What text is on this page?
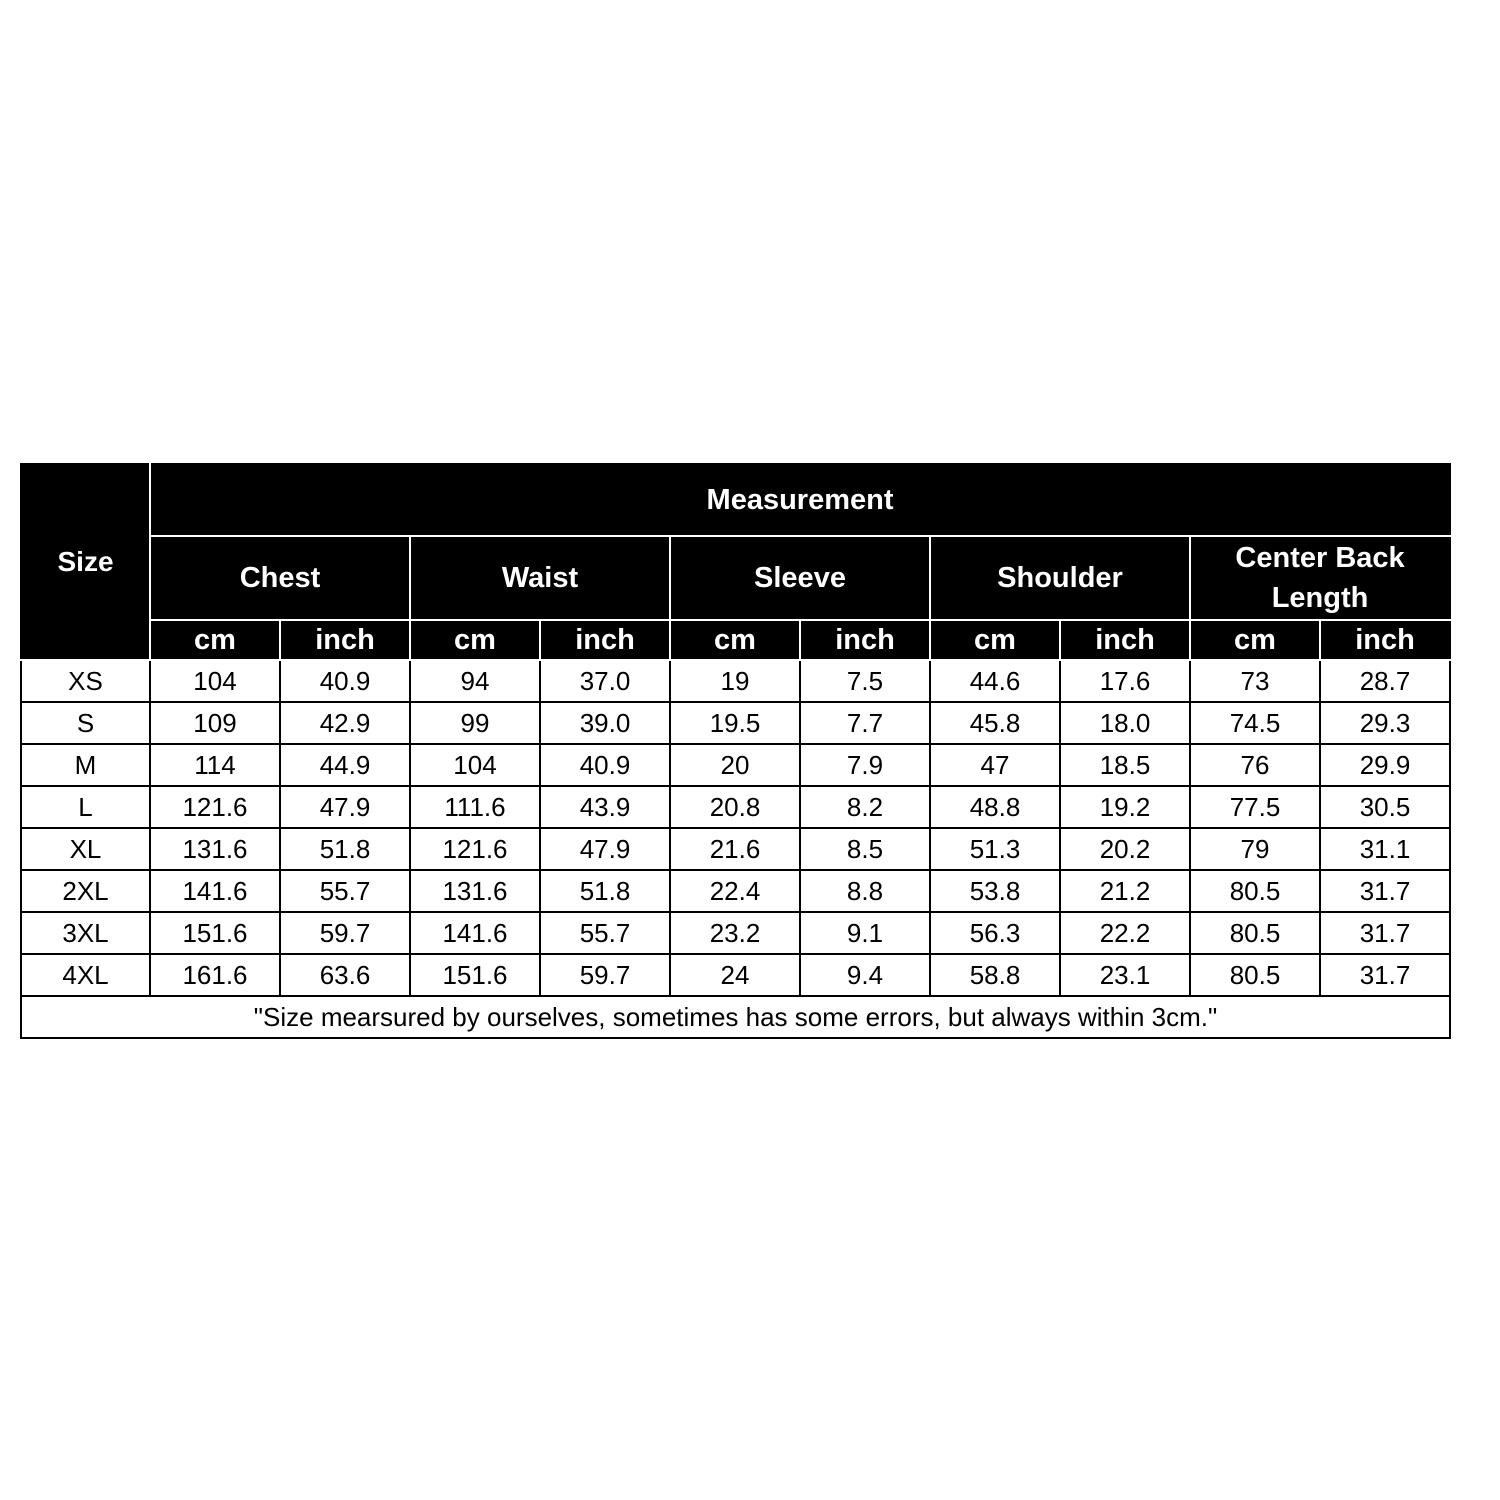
Size	Measurement									
	Chest		Waist		Sleeve		Shoulder		Center Back Length	
	cm	inch	cm	inch	cm	inch	cm	inch	cm	inch
XS	104	40.9	94	37.0	19	7.5	44.6	17.6	73	28.7
S	109	42.9	99	39.0	19.5	7.7	45.8	18.0	74.5	29.3
M	114	44.9	104	40.9	20	7.9	47	18.5	76	29.9
L	121.6	47.9	111.6	43.9	20.8	8.2	48.8	19.2	77.5	30.5
XL	131.6	51.8	121.6	47.9	21.6	8.5	51.3	20.2	79	31.1
2XL	141.6	55.7	131.6	51.8	22.4	8.8	53.8	21.2	80.5	31.7
3XL	151.6	59.7	141.6	55.7	23.2	9.1	56.3	22.2	80.5	31.7
4XL	161.6	63.6	151.6	59.7	24	9.4	58.8	23.1	80.5	31.7
"Size mearsured by ourselves, sometimes has some errors, but always within 3cm."										
